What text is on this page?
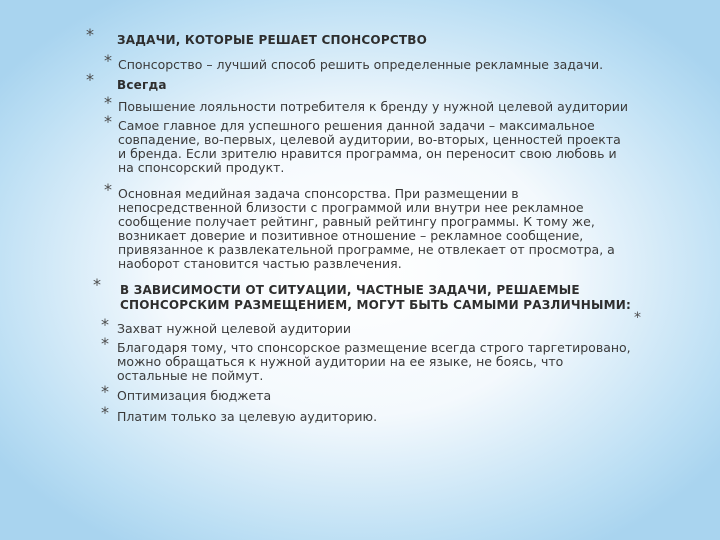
* ЗАДАЧИ, КОТОРЫЕ РЕШАЕТ СПОНСОРСТВО
* Спонсорство – лучший способ решить определенные рекламные задачи.
* Всегда
* Повышение лояльности потребителя к бренду у нужной целевой аудитории
* Самое главное для успешного решения данной задачи – максимальное
совпадение, во-первых, целевой аудитории, во-вторых, ценностей проекта
и бренда. Если зрителю нравится программа, он переносит свою любовь и
на спонсорский продукт.
* Основная медийная задача спонсорства. При размещении в
непосредственной близости с программой или внутри нее рекламное
сообщение получает рейтинг, равный рейтингу программы. К тому же,
возникает доверие и позитивное отношение – рекламное сообщение,
привязанное к развлекательной программе, не отвлекает от просмотра, а
наоборот становится частью развлечения.
* В ЗАВИСИМОСТИ ОТ СИТУАЦИИ, ЧАСТНЫЕ ЗАДАЧИ, РЕШАЕМЫЕ
СПОНСОРСКИМ РАЗМЕЩЕНИЕМ, МОГУТ БЫТЬ САМЫМИ РАЗЛИЧНЫМИ:
*
* Захват нужной целевой аудитории
* Благодаря тому, что спонсорское размещение всегда строго таргетировано,
можно обращаться к нужной аудитории на ее языке, не боясь, что
остальные не поймут.
* Оптимизация бюджета
* Платим только за целевую аудиторию.
